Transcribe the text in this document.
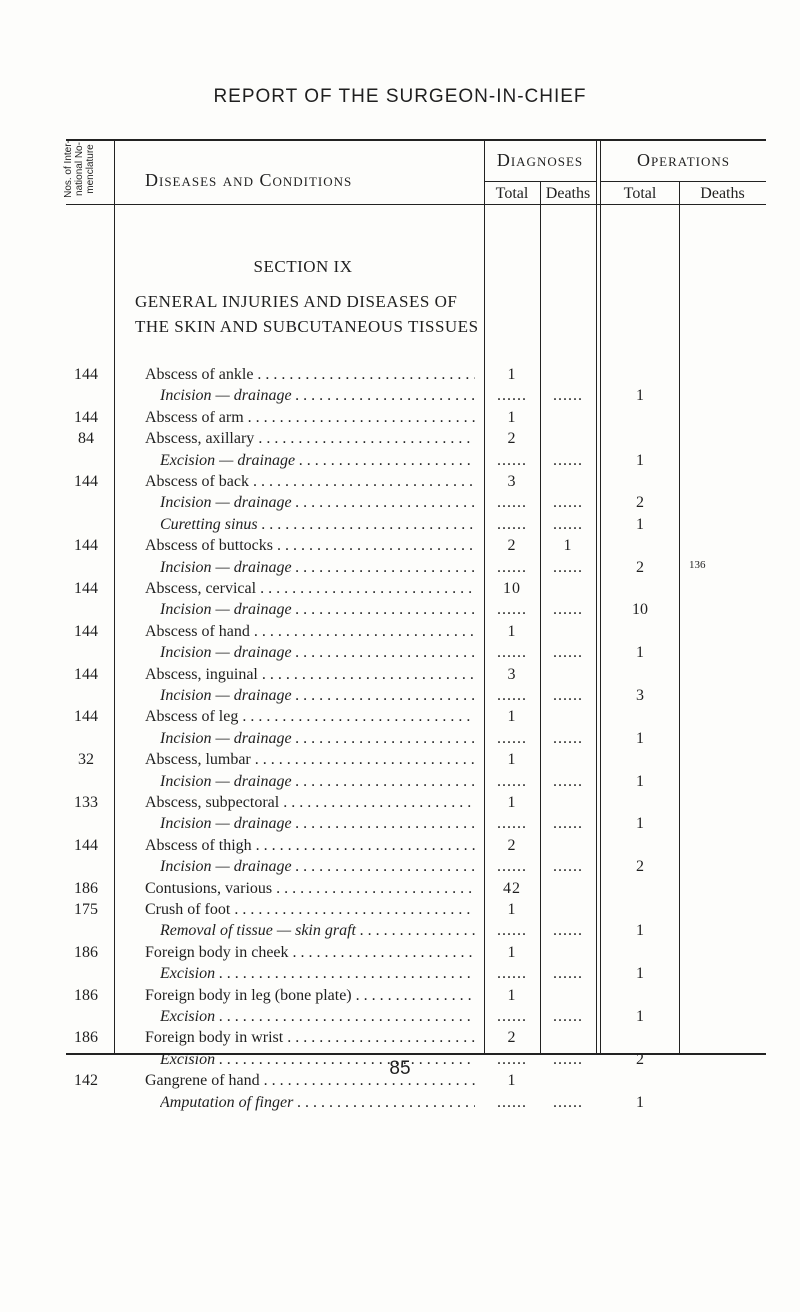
REPORT OF THE SURGEON-IN-CHIEF
Nos. of Inter-national No-menclature	Diseases and Conditions
Diagnoses	Operations
Total	Deaths	Total	Deaths
SECTION IX
GENERAL INJURIES AND DISEASES OF THE SKIN AND SUBCUTANEOUS TISSUES
144	Abscess of ankle . . .	1
Incision — drainage . . .	......	......	1
144	Abscess of arm . . .	1
84	Abscess, axillary . . .	2
Excision — drainage . . .	......	......	1
144	Abscess of back . . .	3
Incision — drainage . . .	......	......	2
Curetting sinus . . .	......	......	1
144	Abscess of buttocks . . .	2	1
Incision — drainage . . .	......	......	2	136
144	Abscess, cervical . . .	10
Incision — drainage . . .	......	......	10
144	Abscess of hand . . .	1
Incision — drainage . . .	......	......	1
144	Abscess, inguinal . . .	3
Incision — drainage . . .	......	......	3
144	Abscess of leg . . .	1
Incision — drainage . . .	......	......	1
32	Abscess, lumbar . . .	1
Incision — drainage . . .	......	......	1
133	Abscess, subpectoral . . .	1
Incision — drainage . . .	......	......	1
144	Abscess of thigh . . .	2
Incision — drainage . . .	......	......	2
186	Contusions, various . . .	42
175	Crush of foot . . .	1
Removal of tissue — skin graft . . .	......	......	1
186	Foreign body in cheek . . .	1
Excision . . .	......	......	1
186	Foreign body in leg (bone plate) . . .	1
Excision . . .	......	......	1
186	Foreign body in wrist . . .	2
Excision . . .	......	......	2
142	Gangrene of hand . . .	1
Amputation of finger . . .	......	......	1
85
